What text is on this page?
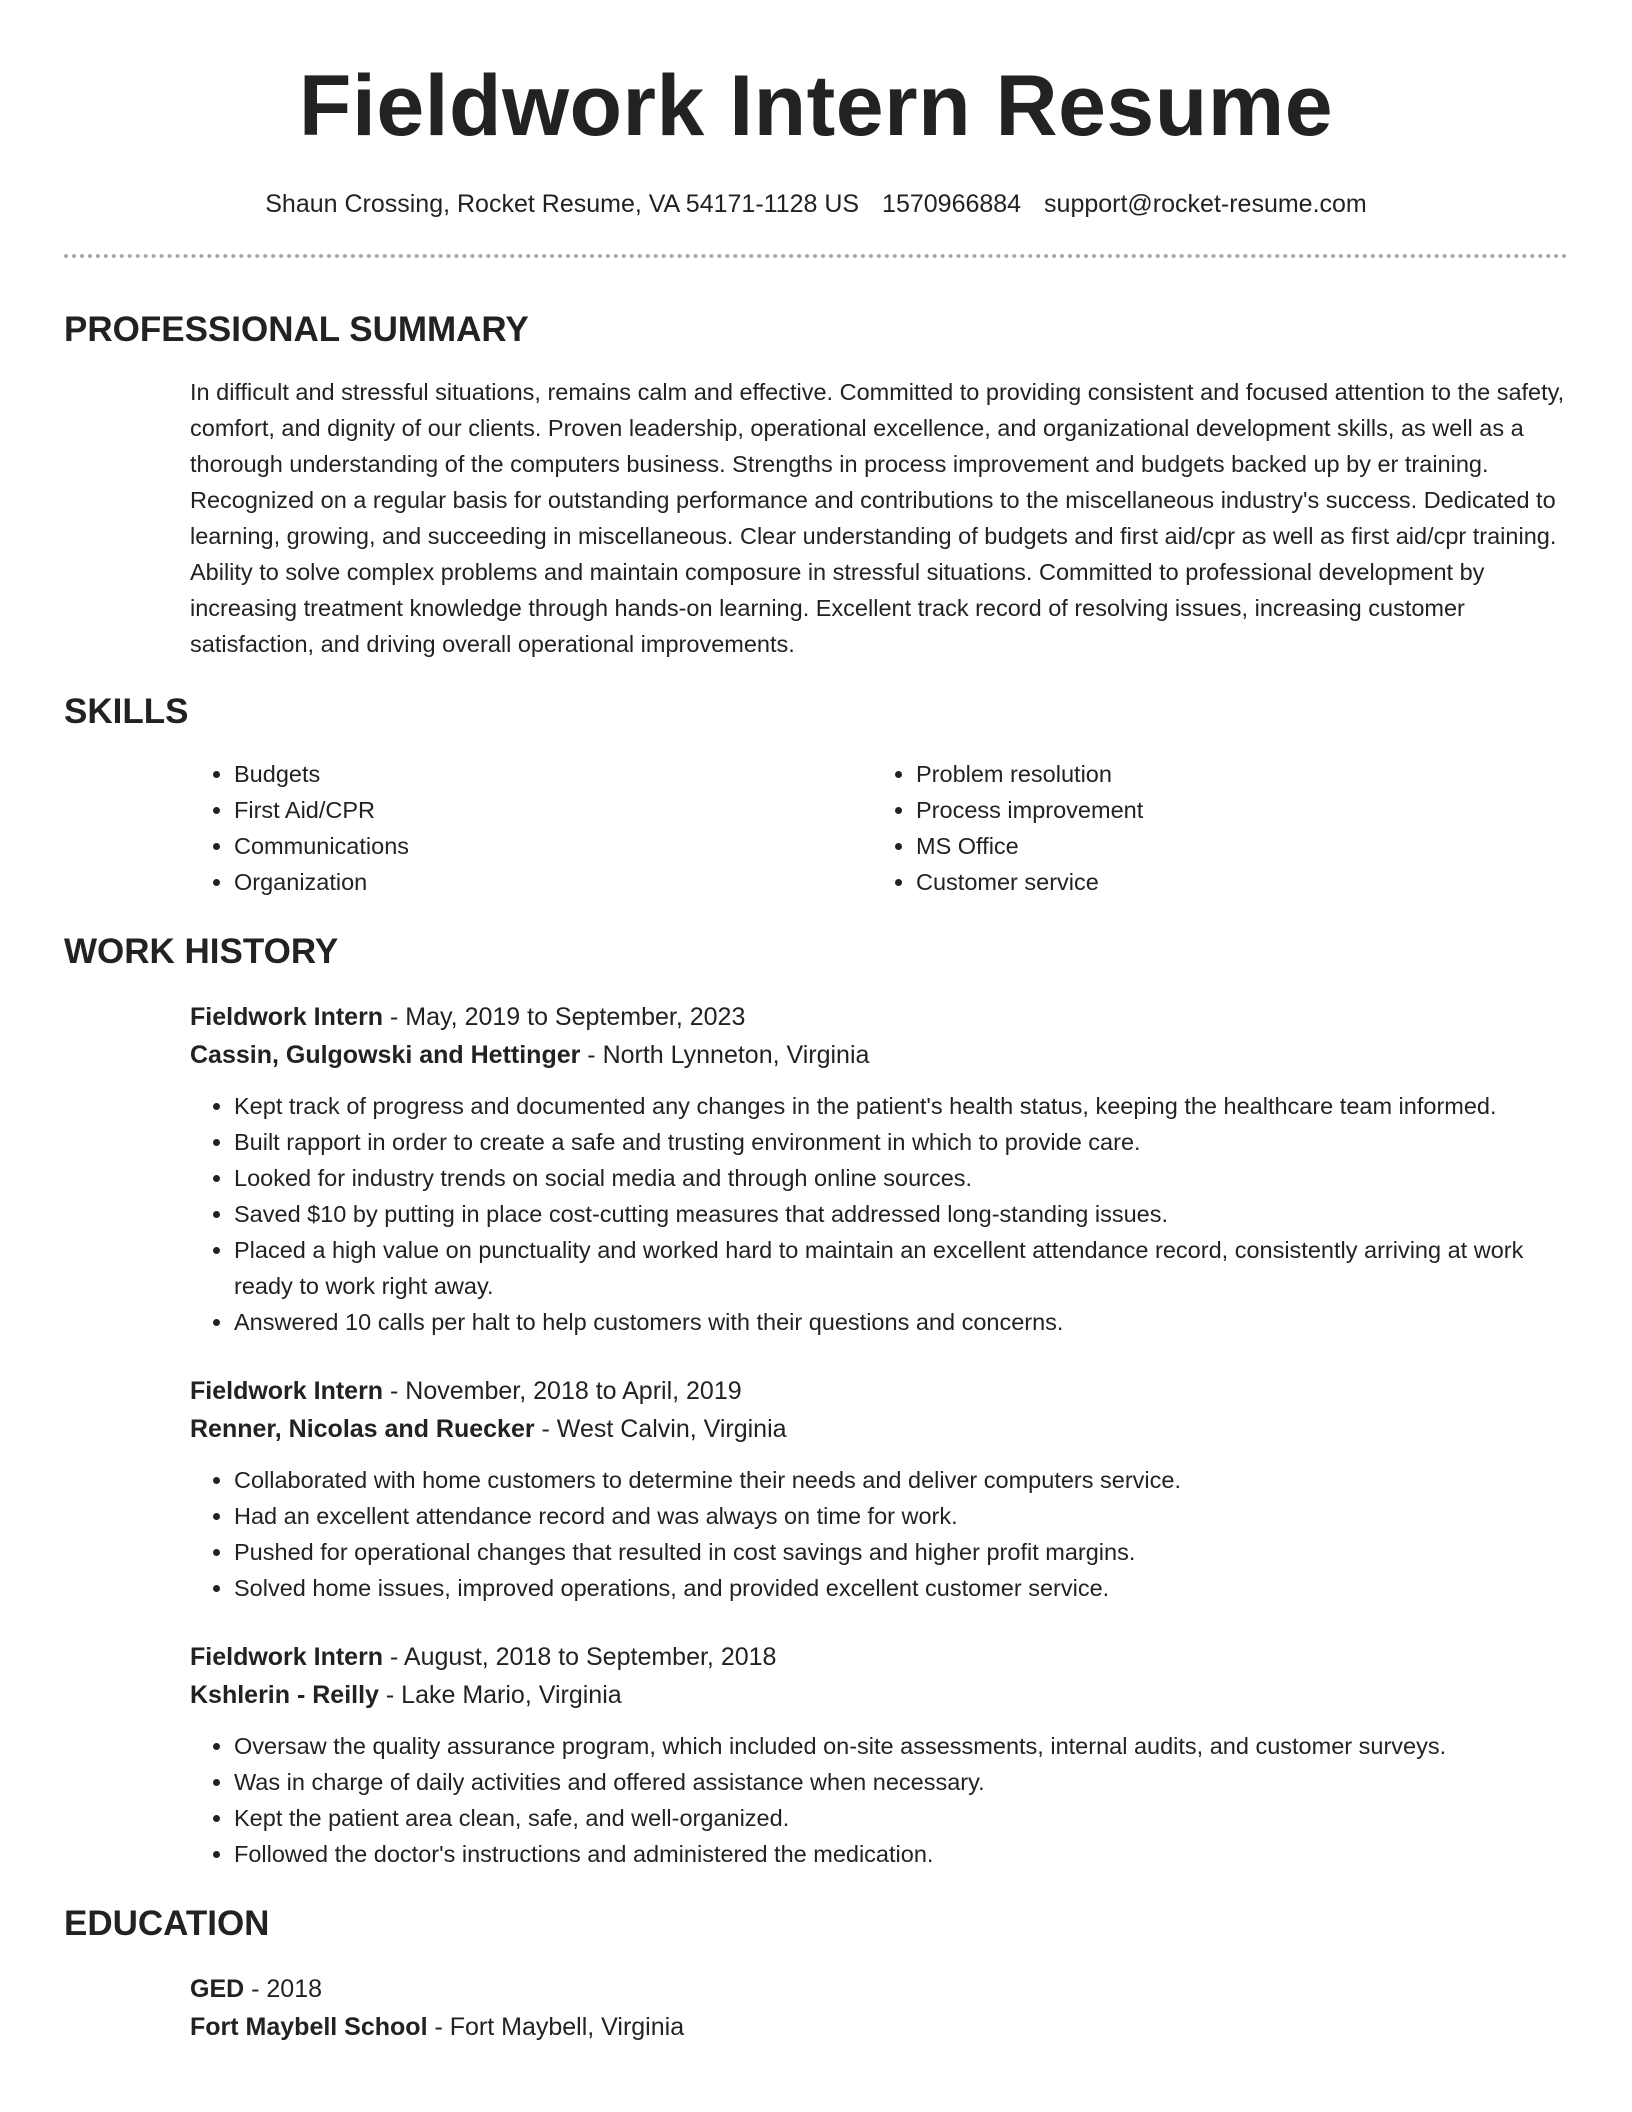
Fieldwork Intern Resume
Shaun Crossing, Rocket Resume, VA 54171-1128 US 1570966884 support@rocket-resume.com
PROFESSIONAL SUMMARY
In difficult and stressful situations, remains calm and effective. Committed to providing consistent and focused attention to the safety, comfort, and dignity of our clients. Proven leadership, operational excellence, and organizational development skills, as well as a thorough understanding of the computers business. Strengths in process improvement and budgets backed up by er training. Recognized on a regular basis for outstanding performance and contributions to the miscellaneous industry's success. Dedicated to learning, growing, and succeeding in miscellaneous. Clear understanding of budgets and first aid/cpr as well as first aid/cpr training. Ability to solve complex problems and maintain composure in stressful situations. Committed to professional development by increasing treatment knowledge through hands-on learning. Excellent track record of resolving issues, increasing customer satisfaction, and driving overall operational improvements.
SKILLS
• Budgets
• First Aid/CPR
• Communications
• Organization
• Problem resolution
• Process improvement
• MS Office
• Customer service
WORK HISTORY
Fieldwork Intern - May, 2019 to September, 2023
Cassin, Gulgowski and Hettinger - North Lynneton, Virginia
• Kept track of progress and documented any changes in the patient's health status, keeping the healthcare team informed.
• Built rapport in order to create a safe and trusting environment in which to provide care.
• Looked for industry trends on social media and through online sources.
• Saved $10 by putting in place cost-cutting measures that addressed long-standing issues.
• Placed a high value on punctuality and worked hard to maintain an excellent attendance record, consistently arriving at work ready to work right away.
• Answered 10 calls per halt to help customers with their questions and concerns.
Fieldwork Intern - November, 2018 to April, 2019
Renner, Nicolas and Ruecker - West Calvin, Virginia
• Collaborated with home customers to determine their needs and deliver computers service.
• Had an excellent attendance record and was always on time for work.
• Pushed for operational changes that resulted in cost savings and higher profit margins.
• Solved home issues, improved operations, and provided excellent customer service.
Fieldwork Intern - August, 2018 to September, 2018
Kshlerin - Reilly - Lake Mario, Virginia
• Oversaw the quality assurance program, which included on-site assessments, internal audits, and customer surveys.
• Was in charge of daily activities and offered assistance when necessary.
• Kept the patient area clean, safe, and well-organized.
• Followed the doctor's instructions and administered the medication.
EDUCATION
GED - 2018
Fort Maybell School - Fort Maybell, Virginia
